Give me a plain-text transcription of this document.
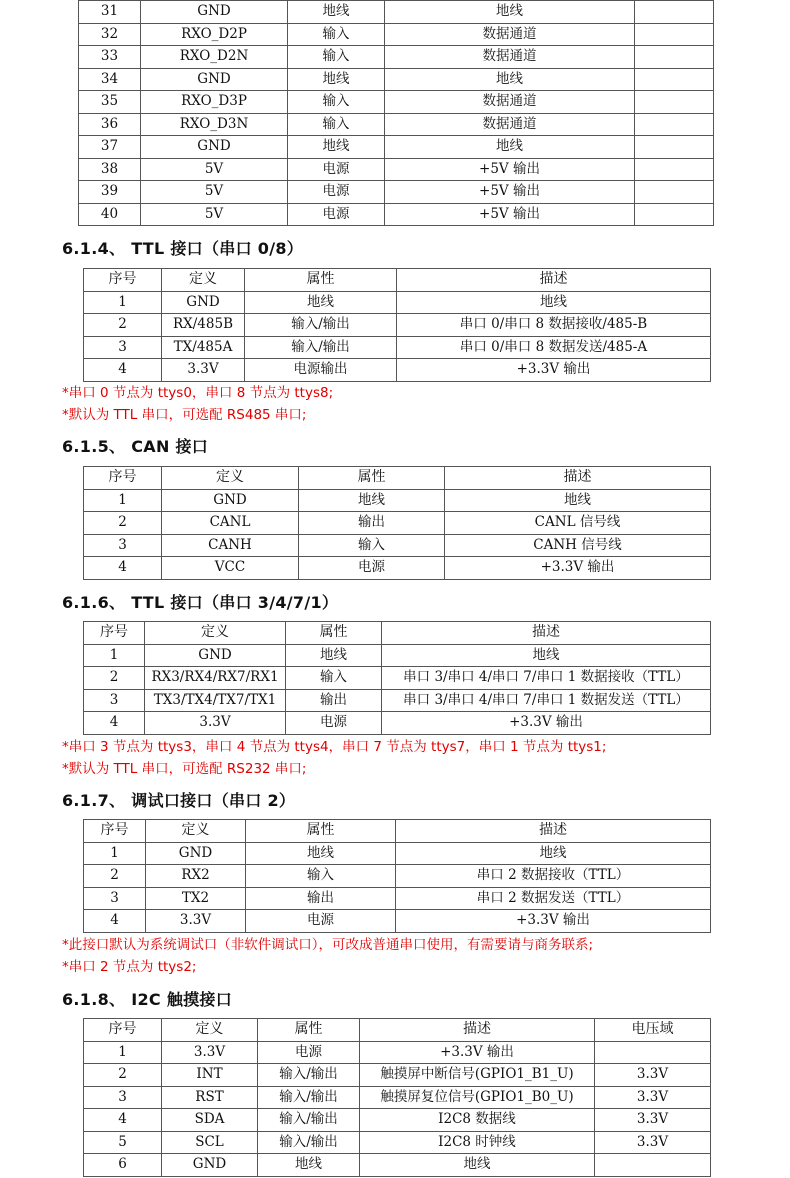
31	GND	地线	地线	
32	RXO_D2P	输入	数据通道	
33	RXO_D2N	输入	数据通道	
34	GND	地线	地线	
35	RXO_D3P	输入	数据通道	
36	RXO_D3N	输入	数据通道	
37	GND	地线	地线	
38	5V	电源	+5V 输出	
39	5V	电源	+5V 输出	
40	5V	电源	+5V 输出	
6.1.4、 TTL 接口（串口 0/8）
序号	定义	属性	描述
1	GND	地线	地线
2	RX/485B	输入/输出	串口 0/串口 8 数据接收/485-B
3	TX/485A	输入/输出	串口 0/串口 8 数据发送/485-A
4	3.3V	电源输出	+3.3V 输出

*串口 0 节点为 ttys0，串口 8 节点为 ttys8;

*默认为 TTL 串口，可选配 RS485 串口;

6.1.5、 CAN 接口
序号	定义	属性	描述
1	GND	地线	地线
2	CANL	输出	CANL 信号线
3	CANH	输入	CANH 信号线
4	VCC	电源	+3.3V 输出
6.1.6、 TTL 接口（串口 3/4/7/1）
序号	定义	属性	描述
1	GND	地线	地线
2	RX3/RX4/RX7/RX1	输入	串口 3/串口 4/串口 7/串口 1 数据接收（TTL）
3	TX3/TX4/TX7/TX1	输出	串口 3/串口 4/串口 7/串口 1 数据发送（TTL）
4	3.3V	电源	+3.3V 输出

*串口 3 节点为 ttys3，串口 4 节点为 ttys4，串口 7 节点为 ttys7，串口 1 节点为 ttys1;

*默认为 TTL 串口，可选配 RS232 串口;

6.1.7、 调试口接口（串口 2）
序号	定义	属性	描述
1	GND	地线	地线
2	RX2	输入	串口 2 数据接收（TTL）
3	TX2	输出	串口 2 数据发送（TTL）
4	3.3V	电源	+3.3V 输出

*此接口默认为系统调试口（非软件调试口），可改成普通串口使用，有需要请与商务联系;

*串口 2 节点为 ttys2;

6.1.8、 I2C 触摸接口
序号	定义	属性	描述	电压域
1	3.3V	电源	+3.3V 输出	
2	INT	输入/输出	触摸屏中断信号(GPIO1_B1_U)	3.3V
3	RST	输入/输出	触摸屏复位信号(GPIO1_B0_U)	3.3V
4	SDA	输入/输出	I2C8 数据线	3.3V
5	SCL	输入/输出	I2C8 时钟线	3.3V
6	GND	地线	地线	
